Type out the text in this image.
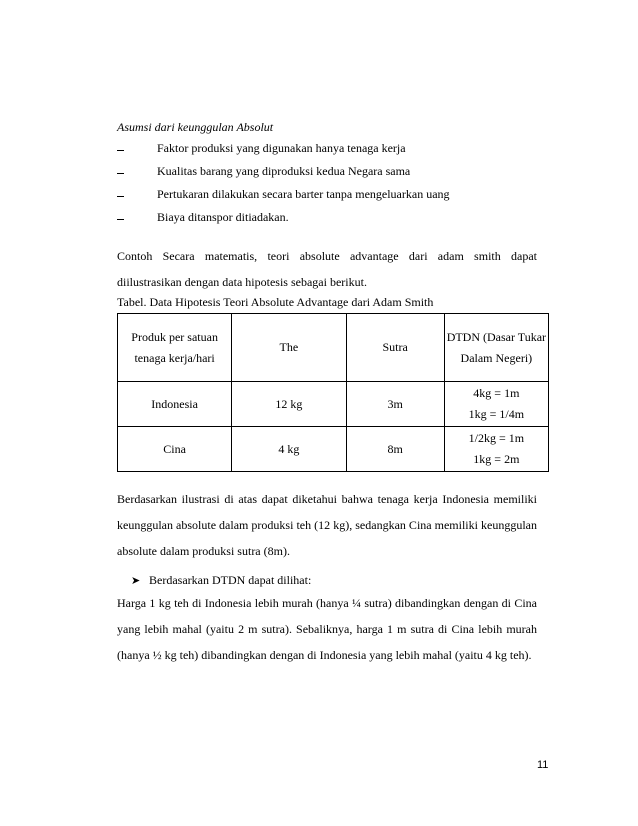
Asumsi dari keunggulan Absolut
Faktor produksi yang digunakan hanya tenaga kerja
Kualitas barang yang diproduksi kedua Negara sama
Pertukaran dilakukan secara barter tanpa mengeluarkan uang
Biaya ditanspor ditiadakan.
Contoh Secara matematis, teori absolute advantage dari adam smith dapat diilustrasikan dengan data hipotesis sebagai berikut.
Tabel. Data Hipotesis Teori Absolute Advantage dari Adam Smith
Produk per satuan tenaga kerja/hari	The	Sutra	DTDN (Dasar Tukar Dalam Negeri)
Indonesia	12 kg	3m	4kg = 1m
1kg = 1/4m

Cina	4 kg	8m	1/2kg = 1m
1kg = 2m
Berdasarkan ilustrasi di atas dapat diketahui bahwa tenaga kerja Indonesia memiliki keunggulan absolute dalam produksi teh (12 kg), sedangkan Cina memiliki keunggulan absolute dalam produksi sutra (8m).
➤ Berdasarkan DTDN dapat dilihat:
Harga 1 kg teh di Indonesia lebih murah (hanya ¼ sutra) dibandingkan dengan di Cina yang lebih mahal (yaitu 2 m sutra). Sebaliknya, harga 1 m sutra di Cina lebih murah (hanya ½ kg teh) dibandingkan dengan di Indonesia yang lebih mahal (yaitu 4 kg teh).
11
